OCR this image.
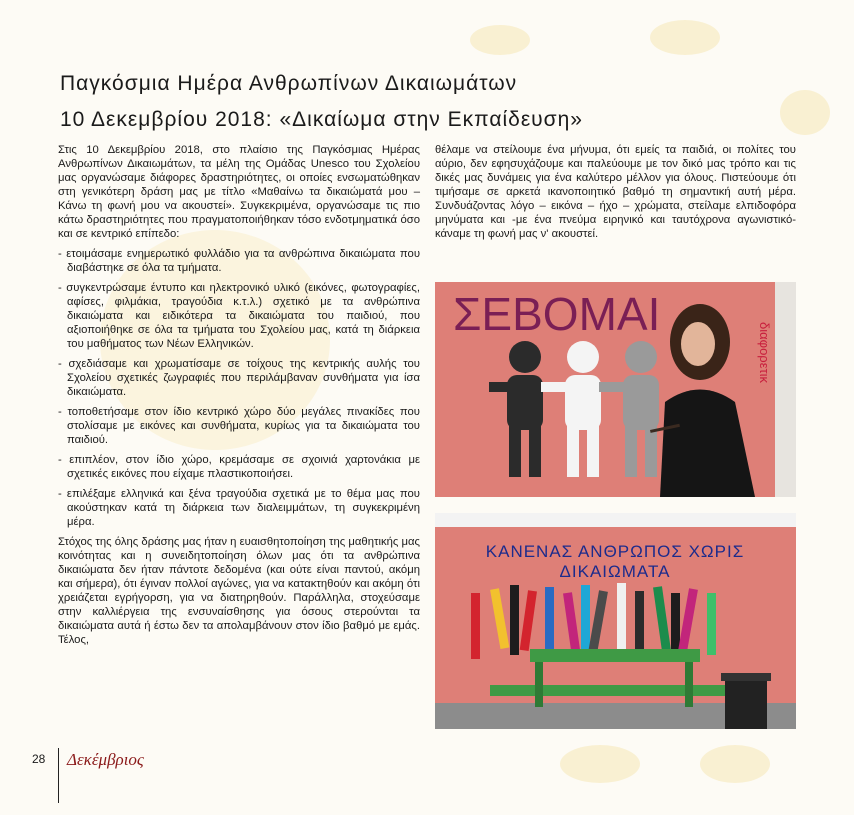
Παγκόσμια Ημέρα Ανθρωπίνων Δικαιωμάτων
10 Δεκεμβρίου 2018: «Δικαίωμα στην Εκπαίδευση»

Στις 10 Δεκεμβρίου 2018, στο πλαίσιο της Παγκόσμιας Ημέρας Ανθρωπίνων Δικαιωμάτων, τα μέλη της Ομάδας Unesco του Σχολείου μας οργανώσαμε διάφορες δραστηριότητες, οι οποίες ενσωματώθηκαν στη γενικότερη δράση μας με τίτλο «Μαθαίνω τα δικαιώματά μου – Κάνω τη φωνή μου να ακουστεί». Συγκεκριμένα, οργανώσαμε τις πιο κάτω δραστηριότητες που πραγματοποιήθηκαν τόσο ενδοτμηματικά όσο και σε κεντρικό επίπεδο:

- ετοιμάσαμε ενημερωτικό φυλλάδιο για τα ανθρώπινα δικαιώματα που διαβάστηκε σε όλα τα τμήματα.
- συγκεντρώσαμε έντυπο και ηλεκτρονικό υλικό (εικόνες, φωτογραφίες, αφίσες, φιλμάκια, τραγούδια κ.τ.λ.) σχετικό με τα ανθρώπινα δικαιώματα και ειδικότερα τα δικαιώματα του παιδιού, που αξιοποιήθηκε σε όλα τα τμήματα του Σχολείου μας, κατά τη διάρκεια του μαθήματος των Νέων Ελληνικών.
- σχεδιάσαμε και χρωματίσαμε σε τοίχους της κεντρικής αυλής του Σχολείου σχετικές ζωγραφιές που περιλάμβαναν συνθήματα για ίσα δικαιώματα.
- τοποθετήσαμε στον ίδιο κεντρικό χώρο δύο μεγάλες πινακίδες που στολίσαμε με εικόνες και συνθήματα, κυρίως για τα δικαιώματα του παιδιού.
- επιπλέον, στον ίδιο χώρο, κρεμάσαμε σε σχοινιά χαρτονάκια με σχετικές εικόνες που είχαμε πλαστικοποιήσει.
- επιλέξαμε ελληνικά και ξένα τραγούδια σχετικά με το θέμα μας που ακούστηκαν κατά τη διάρκεια των διαλειμμάτων, τη συγκεκριμένη μέρα.

Στόχος της όλης δράσης μας ήταν η ευαισθητοποίηση της μαθητικής μας κοινότητας και η συνειδητοποίηση όλων μας ότι τα ανθρώπινα δικαιώματα δεν ήταν πάντοτε δεδομένα (και ούτε είναι παντού, ακόμη και σήμερα), ότι έγιναν πολλοί αγώνες, για να κατακτηθούν και ακόμη ότι χρειάζεται εγρήγορση, για να διατηρηθούν. Παράλληλα, στοχεύσαμε στην καλλιέργεια της ενσυναίσθησης για όσους στερούνται τα δικαιώματα αυτά ή έστω δεν τα απολαμβάνουν στον ίδιο βαθμό με εμάς. Τέλος,

θέλαμε να στείλουμε ένα μήνυμα, ότι εμείς τα παιδιά, οι πολίτες του αύριο, δεν εφησυχάζουμε και παλεύουμε με τον δικό μας τρόπο και τις δικές μας δυνάμεις για ένα καλύτερο μέλλον για όλους. Πιστεύουμε ότι τιμήσαμε σε αρκετά ικανοποιητικό βαθμό τη σημαντική αυτή μέρα. Συνδυάζοντας λόγο – εικόνα – ήχο – χρώματα, στείλαμε ελπιδοφόρα μηνύματα και -με ένα πνεύμα ειρηνικό και ταυτόχρονα αγωνιστικό- κάναμε τη φωνή μας ν' ακουστεί.

ΣΕΒΟΜΑΙ
διαφορετικ
ΚΑΝΕΝΑΣ ΑΝΘΡΩΠΟΣ ΧΩΡΙΣ
ΔΙΚΑΙΩΜΑΤΑ
28 Δεκέμβριος
